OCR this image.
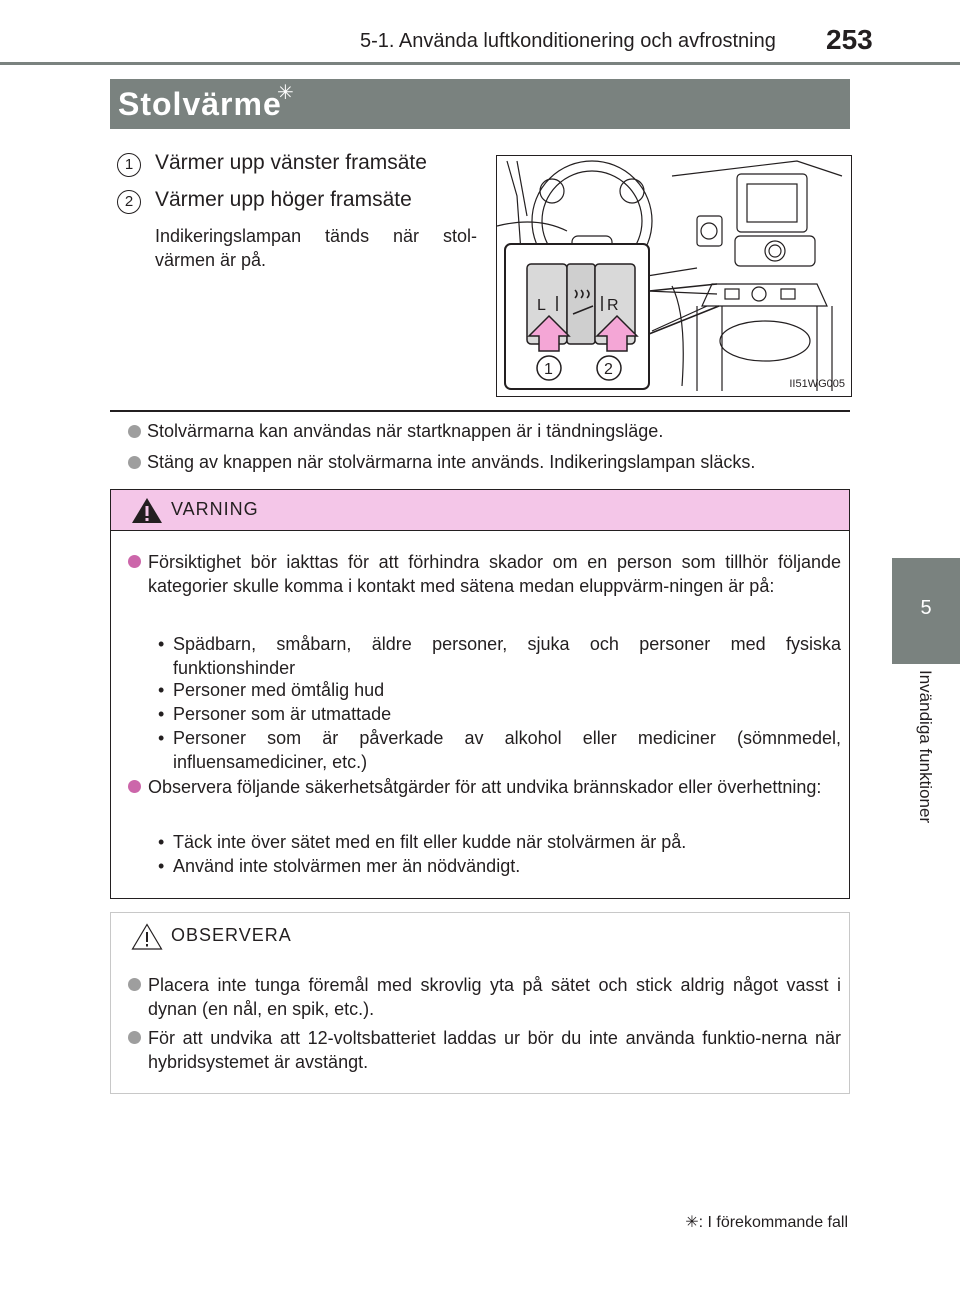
5-1. Använda luftkonditionering och avfrostning 253
5
Invändiga funktioner
Stolvärme
✳
1	Värmer upp vänster framsäte
2	Värmer upp höger framsäte
Indikeringslampan tänds när stol-värmen är på.
L	R
1	2
II51WG005
Stolvärmarna kan användas när startknappen är i tändningsläge.
Stäng av knappen när stolvärmarna inte används. Indikeringslampan släcks.
VARNING
Försiktighet bör iakttas för att förhindra skador om en person som tillhör följande kategorier skulle komma i kontakt med sätena medan eluppvärm-ningen är på:
• Spädbarn, småbarn, äldre personer, sjuka och personer med fysiska funktionshinder
• Personer med ömtålig hud
• Personer som är utmattade
• Personer som är påverkade av alkohol eller mediciner (sömnmedel, influensamediciner, etc.)
Observera följande säkerhetsåtgärder för att undvika brännskador eller överhettning:
• Täck inte över sätet med en filt eller kudde när stolvärmen är på.
• Använd inte stolvärmen mer än nödvändigt.
OBSERVERA
Placera inte tunga föremål med skrovlig yta på sätet och stick aldrig något vasst i dynan (en nål, en spik, etc.).
För att undvika att 12-voltsbatteriet laddas ur bör du inte använda funktio-nerna när hybridsystemet är avstängt.
✳: I förekommande fall
